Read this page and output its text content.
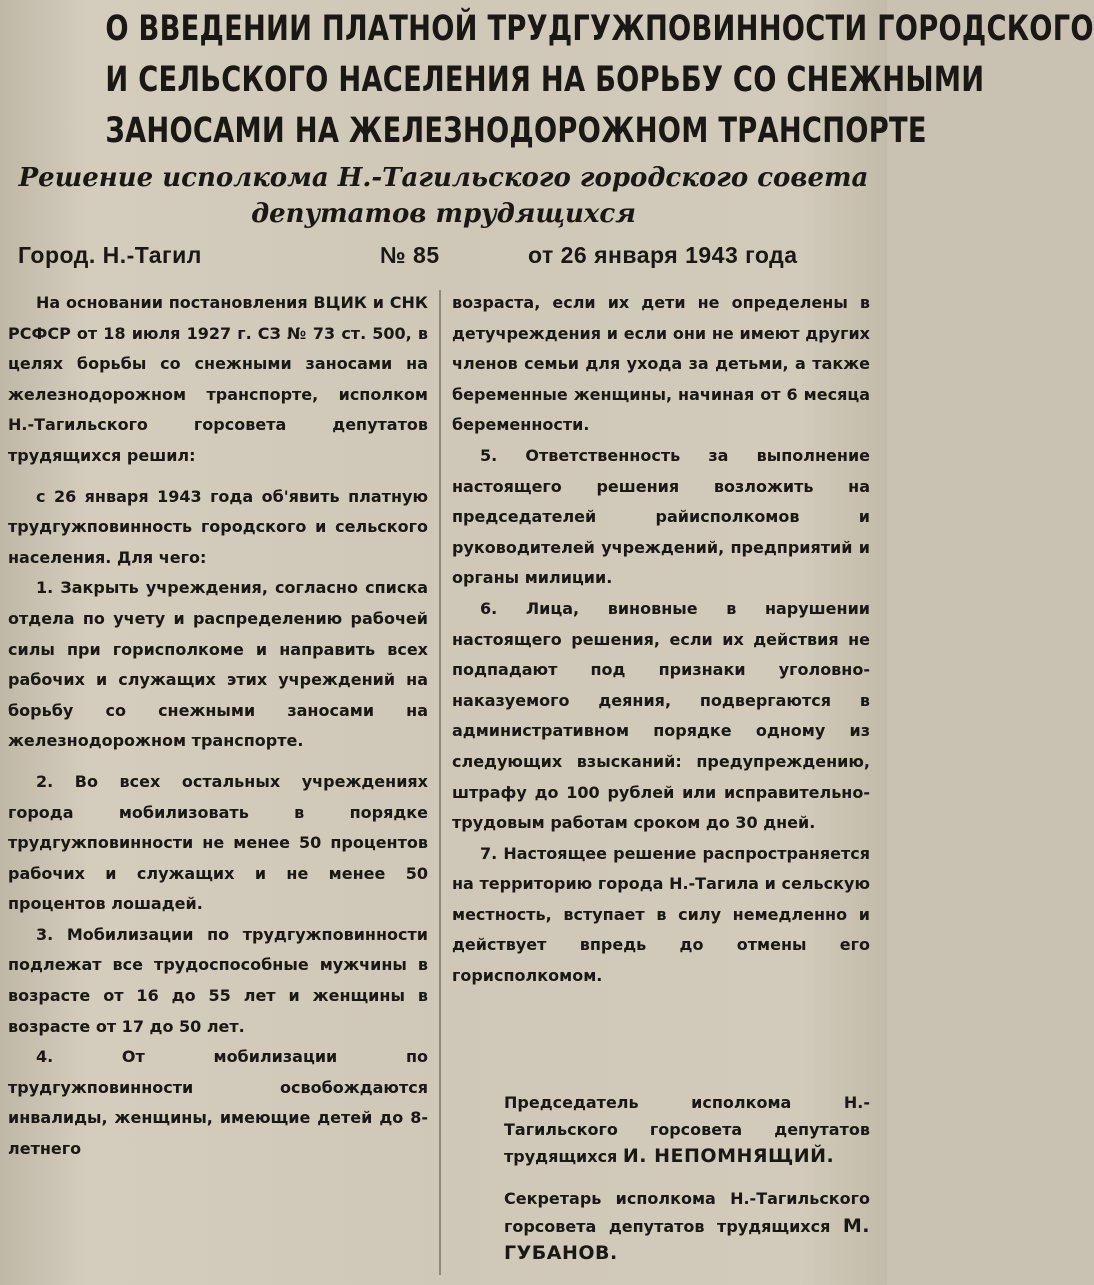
О ВВЕДЕНИИ ПЛАТНОЙ ТРУДГУЖПОВИННОСТИ ГОРОДСКОГО
И СЕЛЬСКОГО НАСЕЛЕНИЯ НА БОРЬБУ СО СНЕЖНЫМИ
ЗАНОСАМИ НА ЖЕЛЕЗНОДОРОЖНОМ ТРАНСПОРТЕ
Решение исполкома Н.-Тагильского городского совета
депутатов трудящихся
Город. Н.-Тагил	№ 85	от 26 января 1943 года

На основании постановления ВЦИК и СНК РСФСР от 18 июля 1927 г. СЗ № 73 ст. 500, в целях борьбы со снежными заносами на железнодорожном транспорте, исполком Н.-Тагильского горсовета депутатов трудящихся решил:

с 26 января 1943 года об'явить платную трудгужповинность городского и сельского населения. Для чего:

1. Закрыть учреждения, согласно списка отдела по учету и распределению рабочей силы при горисполкоме и направить всех рабочих и служащих этих учреждений на борьбу со снежными заносами на железнодорожном транспорте.

2. Во всех остальных учреждениях города мобилизовать в порядке трудгужповинности не менее 50 процентов рабочих и служащих и не менее 50 процентов лошадей.

3. Мобилизации по трудгужповинности подлежат все трудоспособные мужчины в возрасте от 16 до 55 лет и женщины в возрасте от 17 до 50 лет.

4. От мобилизации по трудгужповинности освобождаются инвалиды, женщины, имеющие детей до 8-летнего

возраста, если их дети не определены в детучреждения и если они не имеют других членов семьи для ухода за детьми, а также беременные женщины, начиная от 6 месяца беременности.

5. Ответственность за выполнение настоящего решения возложить на председателей райисполкомов и руководителей учреждений, предприятий и органы милиции.

6. Лица, виновные в нарушении настоящего решения, если их действия не подпадают под признаки уголовно-наказуемого деяния, подвергаются в административном порядке одному из следующих взысканий: предупреждению, штрафу до 100 рублей или исправительно-трудовым работам сроком до 30 дней.

7. Настоящее решение распространяется на территорию города Н.-Тагила и сельскую местность, вступает в силу немедленно и действует впредь до отмены его горисполкомом.

Председатель исполкома Н.-Тагильского горсовета депутатов трудящихся И. НЕПОМНЯЩИЙ.
Секретарь исполкома Н.-Тагильского горсовета депутатов трудящихся М. ГУБАНОВ.
